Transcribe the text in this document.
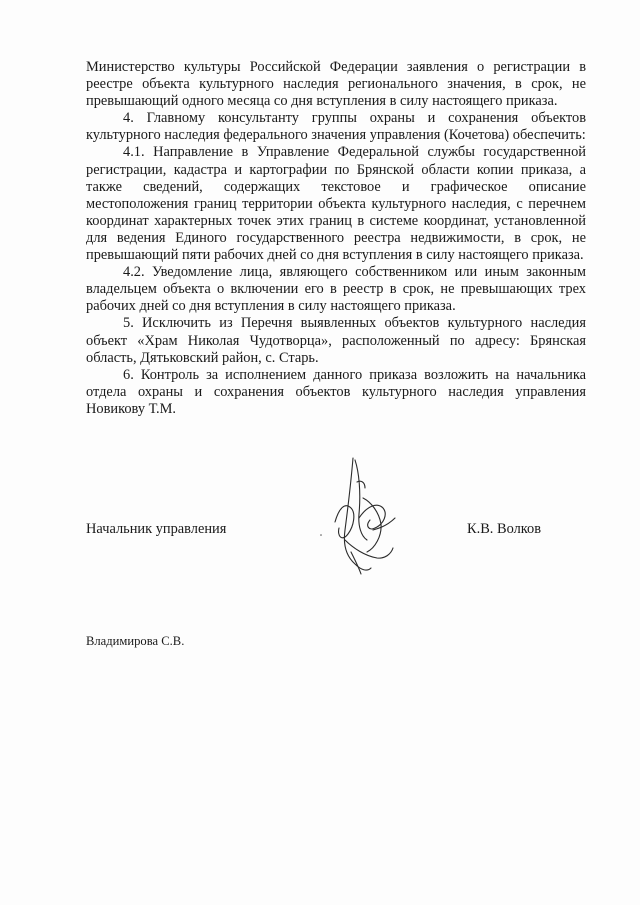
Министерство культуры Российской Федерации заявления о регистрации в реестре объекта культурного наследия регионального значения, в срок, не превышающий одного месяца со дня вступления в силу настоящего приказа.

4. Главному консультанту группы охраны и сохранения объектов культурного наследия федерального значения управления (Кочетова) обеспечить:

4.1. Направление в Управление Федеральной службы государственной регистрации, кадастра и картографии по Брянской области копии приказа, а также сведений, содержащих текстовое и графическое описание местоположения границ территории объекта культурного наследия, с перечнем координат характерных точек этих границ в системе координат, установленной для ведения Единого государственного реестра недвижимости, в срок, не превышающий пяти рабочих дней со дня вступления в силу настоящего приказа.

4.2. Уведомление лица, являющего собственником или иным законным владельцем объекта о включении его в реестр в срок, не превышающих трех рабочих дней со дня вступления в силу настоящего приказа.

5. Исключить из Перечня выявленных объектов культурного наследия объект «Храм Николая Чудотворца», расположенный по адресу: Брянская область, Дятьковский район, с. Старь.

6. Контроль за исполнением данного приказа возложить на начальника отдела охраны и сохранения объектов культурного наследия управления Новикову Т.М.

Начальник управления	К.В. Волков
Владимирова С.В.
